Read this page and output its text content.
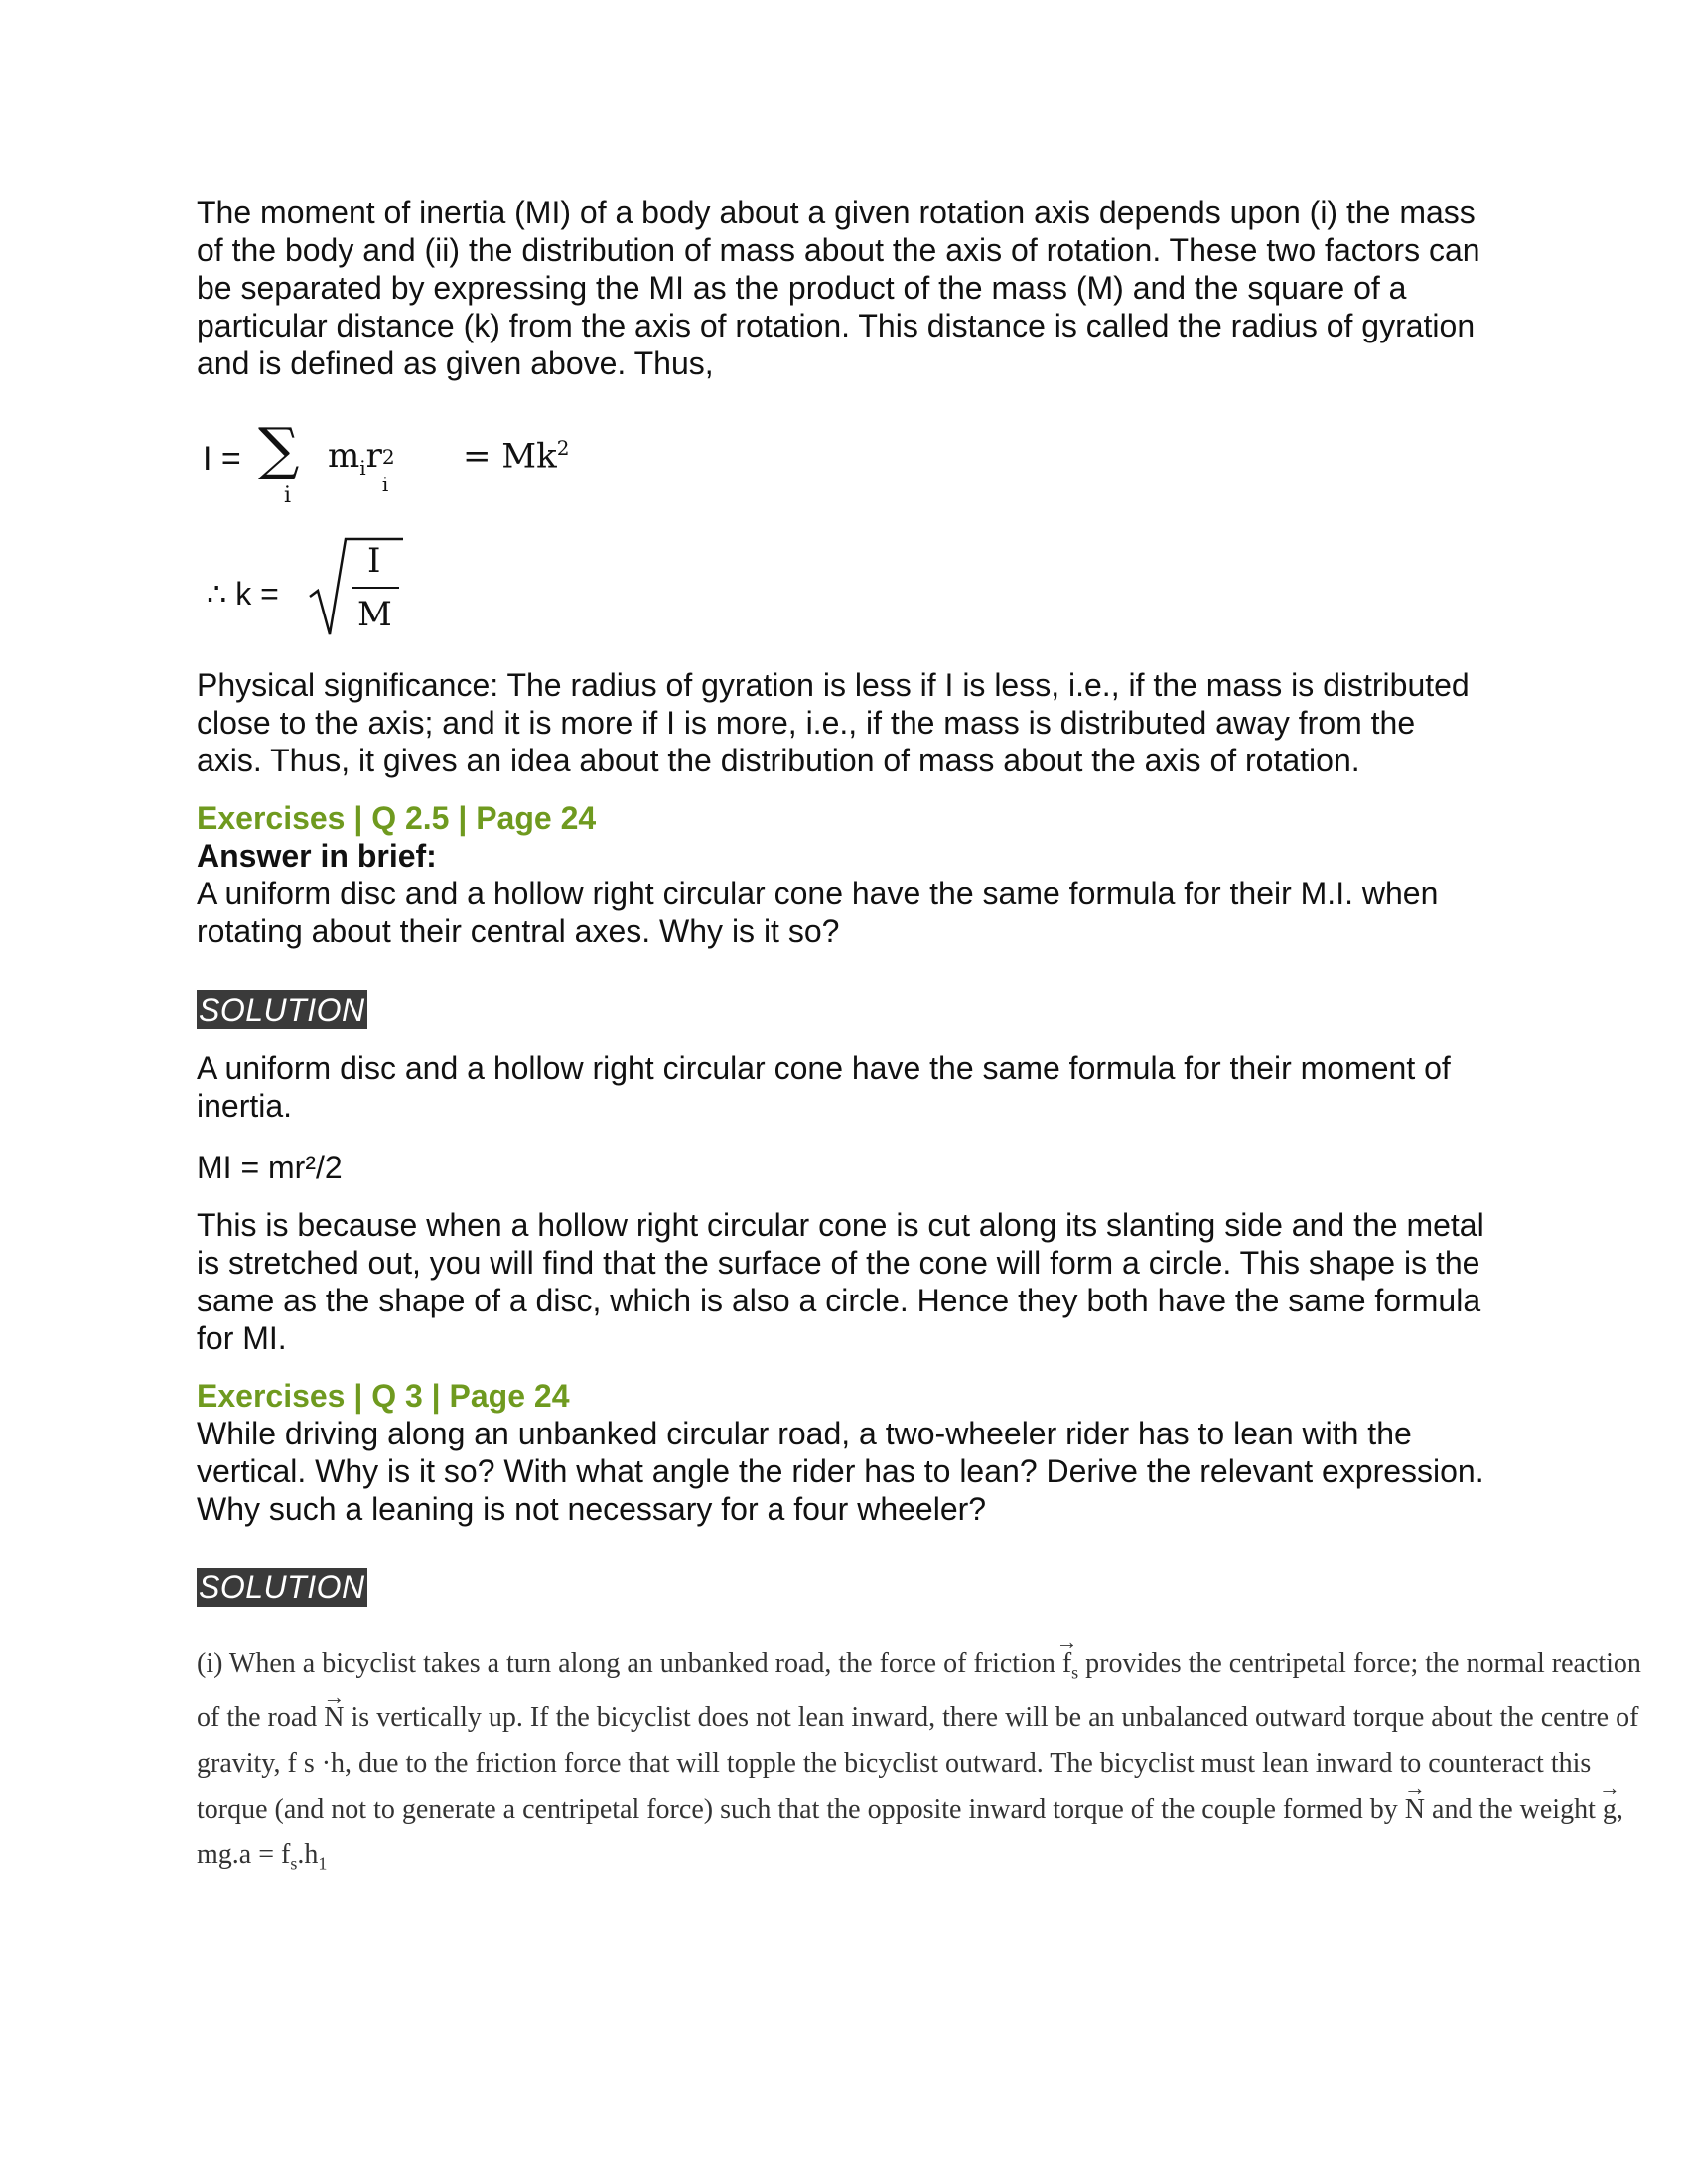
The moment of inertia (MI) of a body about a given rotation axis depends upon (i) the mass of the body and (ii) the distribution of mass about the axis of rotation. These two factors can be separated by expressing the MI as the product of the mass (M) and the square of a particular distance (k) from the axis of rotation. This distance is called the radius of gyration and is defined as given above. Thus,

I = ∑
i
$m_ir$ 2
i
= $Mk^2$
∴ k =
I
M

Physical significance: The radius of gyration is less if I is less, i.e., if the mass is distributed close to the axis; and it is more if I is more, i.e., if the mass is distributed away from the axis. Thus, it gives an idea about the distribution of mass about the axis of rotation.

Exercises | Q 2.5 | Page 24

Answer in brief:

A uniform disc and a hollow right circular cone have the same formula for their M.I. when rotating about their central axes. Why is it so?

SOLUTION

A uniform disc and a hollow right circular cone have the same formula for their moment of inertia.

MI = mr²/2

This is because when a hollow right circular cone is cut along its slanting side and the metal is stretched out, you will find that the surface of the cone will form a circle. This shape is the same as the shape of a disc, which is also a circle. Hence they both have the same formula for MI.

Exercises | Q 3 | Page 24

While driving along an unbanked circular road, a two-wheeler rider has to lean with the vertical. Why is it so? With what angle the rider has to lean? Derive the relevant expression. Why such a leaning is not necessary for a four wheeler?

SOLUTION

(i) When a bicyclist takes a turn along an unbanked road, the force of friction → $f_s$ provides the centripetal force; the normal reaction of the road → N is vertically up. If the bicyclist does not lean inward, there will be an unbalanced outward torque about the centre of gravity, f s ·h, due to the friction force that will topple the bicyclist outward. The bicyclist must lean inward to counteract this torque (and not to generate a centripetal force) such that the opposite inward torque of the couple formed by → N and the weight → g, $mg.a = f_s.h_1$
